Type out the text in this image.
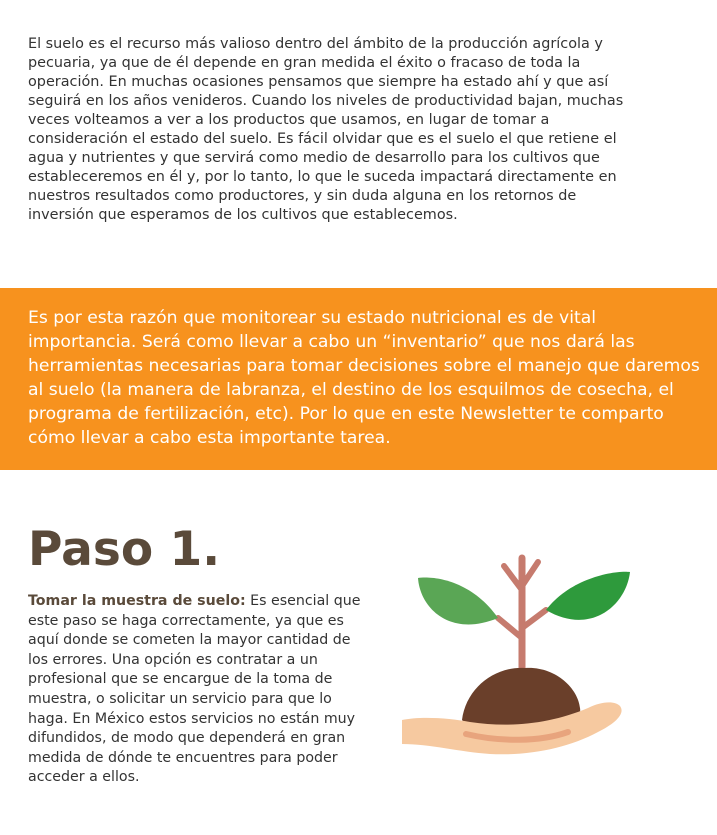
El suelo es el recurso más valioso dentro del ámbito de la producción agrícola y pecuaria, ya que de él depende en gran medida el éxito o fracaso de toda la operación. En muchas ocasiones pensamos que siempre ha estado ahí y que así seguirá en los años venideros. Cuando los niveles de productividad bajan, muchas veces volteamos a ver a los productos que usamos, en lugar de tomar a consideración el estado del suelo. Es fácil olvidar que es el suelo el que retiene el agua y nutrientes y que servirá como medio de desarrollo para los cultivos que estableceremos en él y, por lo tanto, lo que le suceda impactará directamente en nuestros resultados como productores, y sin duda alguna en los retornos de inversión que esperamos de los cultivos que establecemos.

Es por esta razón que monitorear su estado nutricional es de vital importancia. Será como llevar a cabo un “inventario” que nos dará las herramientas necesarias para tomar decisiones sobre el manejo que daremos al suelo (la manera de labranza, el destino de los esquilmos de cosecha, el programa de fertilización, etc). Por lo que en este Newsletter te comparto cómo llevar a cabo esta importante tarea.

Paso 1.

Tomar la muestra de suelo: Es esencial que este paso se haga correctamente, ya que es aquí donde se cometen la mayor cantidad de los errores. Una opción es contratar a un profesional que se encargue de la toma de muestra, o solicitar un servicio para que lo haga. En México estos servicios no están muy difundidos, de modo que dependerá en gran medida de dónde te encuentres para poder acceder a ellos.
